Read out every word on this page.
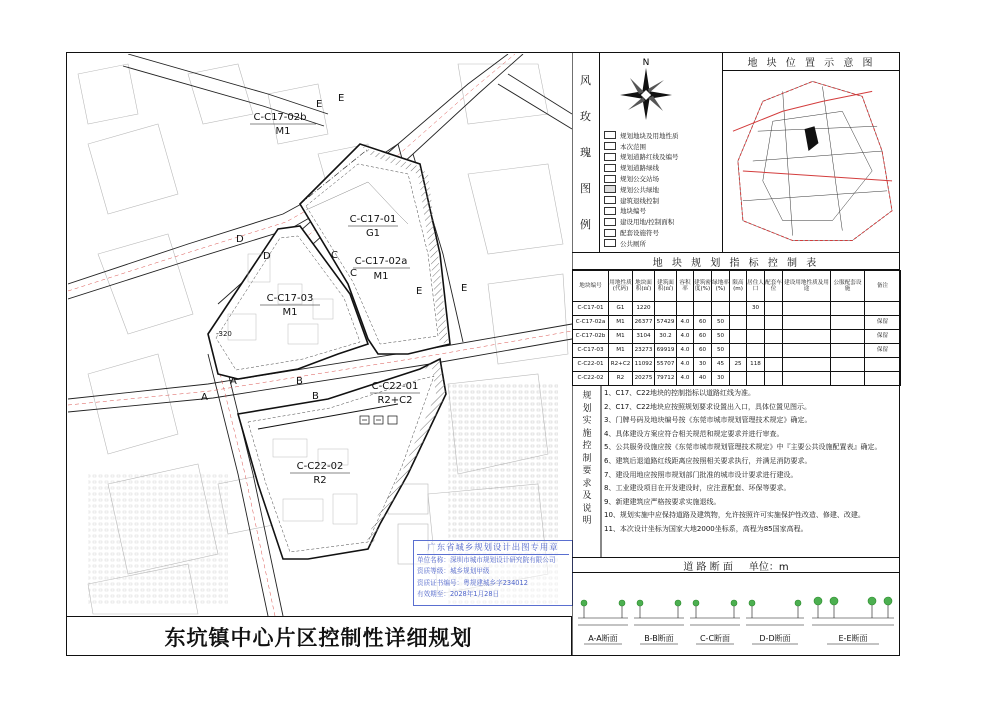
C-C17-02b
M1
C-C17-01
G1
C-C17-02a
M1
C-C17-03
M1
C-C22-01
R2+C2
C-C22-02
R2
A
A	B
B
C
C
D
D
E
E
E	E
-320
东坑镇中心片区控制性详细规划
广东省城乡规划设计出图专用章
单位名称：深圳市城市规划设计研究院有限公司
资质等级：城乡规划甲级
资质证书编号：粤规建城乡字234012
有效期至：2028年1月28日
风
玫
瑰
图
例
N
规划地块及用地性质
本次范围
规划道路红线及编号
规划道路绿线
规划公交站场
规划公共绿地
建筑退线控制
地块编号
建设用地/控制面积
配套设施符号
公共厕所
地 块 位 置 示 意 图
地 块 规 划 指 标 控 制 表
地块编号	用地性质(代码)	地块面积(㎡)	建筑面积(㎡)	容积率	建筑密度(%)	绿地率(%)	限高(m)	居住人口	配套车位	建设用地性质及用途	公服配套设施	备注
C-C17-01	G1	1220						30				
C-C17-02a	M1	26377	57429	4.0	60	50						保留
C-C17-02b	M1	3104	30.2	4.0	60	50						保留
C-C17-03	M1	23273	69919	4.0	60	50						保留
C-C22-01	R2+C2	11092	55707	4.0	30	45	25	118				
C-C22-02	R2	20275	79712	4.0	40	30						
规
划
实
施
控
制
要
求
及
说
明
1、C17、C22地块的控制指标以道路红线为准。
2、C17、C22地块应按照规划要求设置出入口，具体位置见图示。
3、门牌号码及地块编号按《东莞市城市规划管理技术规定》确定。
4、具体建设方案应符合相关规范和规定要求并进行审查。
5、公共服务设施应按《东莞市城市规划管理技术规定》中『主要公共设施配置表』确定。
6、建筑后退道路红线距离应按照相关要求执行，并满足消防要求。
7、建设用地应按照市规划部门批准的城市设计要求进行建设。
8、工业建设项目在开发建设时，应注意配套、环保等要求。
9、新建建筑应严格按要求实施退线。
10、规划实施中应保持道路及建筑物，允许按照许可实施保护性改造、修建、改建。
11、本次设计坐标为国家大地2000坐标系，高程为85国家高程。
道 路 断 面 单位：m
A-A断面	B-B断面	C-C断面	D-D断面	E-E断面
